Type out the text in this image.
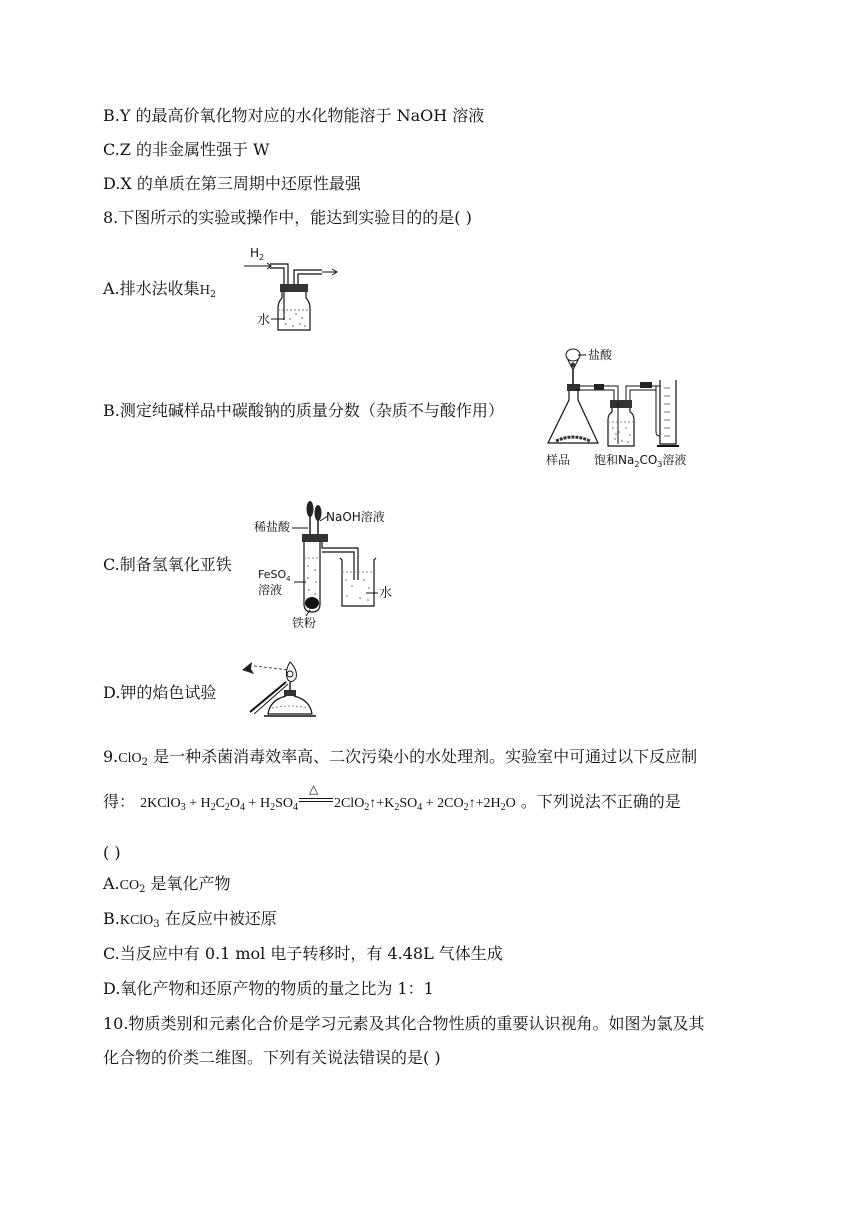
B.Y 的最高价氧化物对应的水化物能溶于 NaOH 溶液
C.Z 的非金属性强于 W
D.X 的单质在第三周期中还原性最强
8.下图所示的实验或操作中，能达到实验目的的是( )
A.排水法收集$H_2$
$H_2$
水
B.测定纯碱样品中碳酸钠的质量分数（杂质不与酸作用）
盐酸
样品 饱和$Na_2CO_3$溶液
C.制备氢氧化亚铁
稀盐酸
NaOH溶液
水
FeSO$_4$
溶液
铁粉
D.钾的焰色试验
9.ClO$_2$ 是一种杀菌消毒效率高、二次污染小的水处理剂。实验室中可通过以下反应制
得： 2KClO$_3$ + $H_2C_2O_4 + H_2SO_4$
△
$2ClO_2↑+K_2SO_4$ + $2CO_2↑+2H_2O$ 。下列说法不正确的是
( )
$A.CO_2$ 是氧化产物
B.KClO$_3$ 在反应中被还原
C.当反应中有 0.1 mol 电子转移时，有 4.48L 气体生成
D.氧化产物和还原产物的物质的量之比为 1：1
10.物质类别和元素化合价是学习元素及其化合物性质的重要认识视角。如图为氯及其
化合物的价类二维图。下列有关说法错误的是( )
